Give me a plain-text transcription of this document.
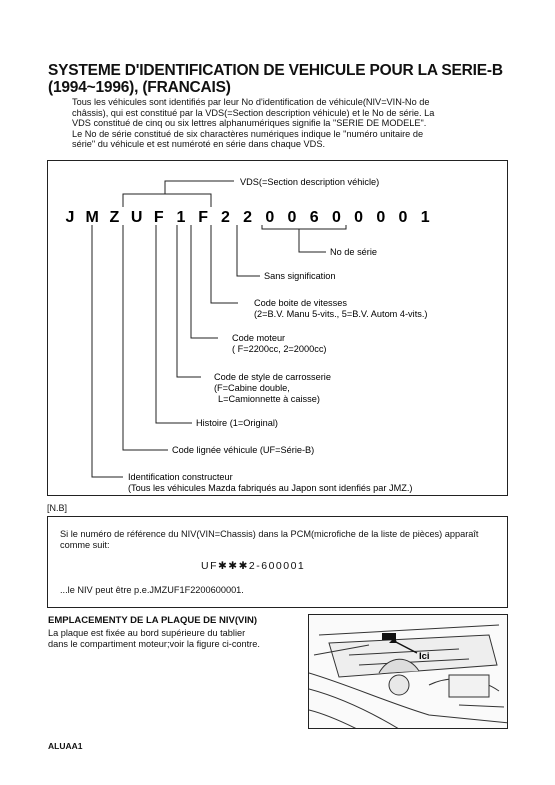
SYSTEME D'IDENTIFICATION DE VEHICULE POUR LA SERIE-B (1994~1996), (FRANCAIS)
Tous les véhicules sont identifiés par leur No d'identification de véhicule(NIV=VIN-No de
châssis), qui est constitué par la VDS(=Section description véhicule) et le No de série. La
VDS constitué de cinq ou six lettres alphanumériques signifie la "SERIE DE MODELE".
Le No de série constitué de six charactères numériques indique le "numéro unitaire de
série" du véhicule et est numéroté en série dans chaque VDS.
J M Z U F 1 F 2 2 0 0 6 0 0 0 0 1
VDS(=Section description véhicle)
No de série
Sans signification
Code boite de vitesses
(2=B.V. Manu 5-vits., 5=B.V. Autom 4-vits.)
Code moteur
( F=2200cc, 2=2000cc)
Code de style de carrosserie
(F=Cabine double,
L=Camionnette à caisse)
Histoire (1=Original)
Code lignée véhicule (UF=Série-B)
Identification constructeur
(Tous les véhicules Mazda fabriqués au Japon sont idenfiés par JMZ.)
[N.B]
Si le numéro de référence du NIV(VIN=Chassis) dans la PCM(microfiche de la liste de pièces) apparaît comme suit:
UF✱✱✱2-600001
...le NIV peut être p.e.JMZUF1F2200600001.
EMPLACEMENTY DE LA PLAQUE DE NIV(VIN)
La plaque est fixée au bord supérieure du tablier
dans le compartiment moteur;voir la figure ci-contre.
Ici
ALUAA1
